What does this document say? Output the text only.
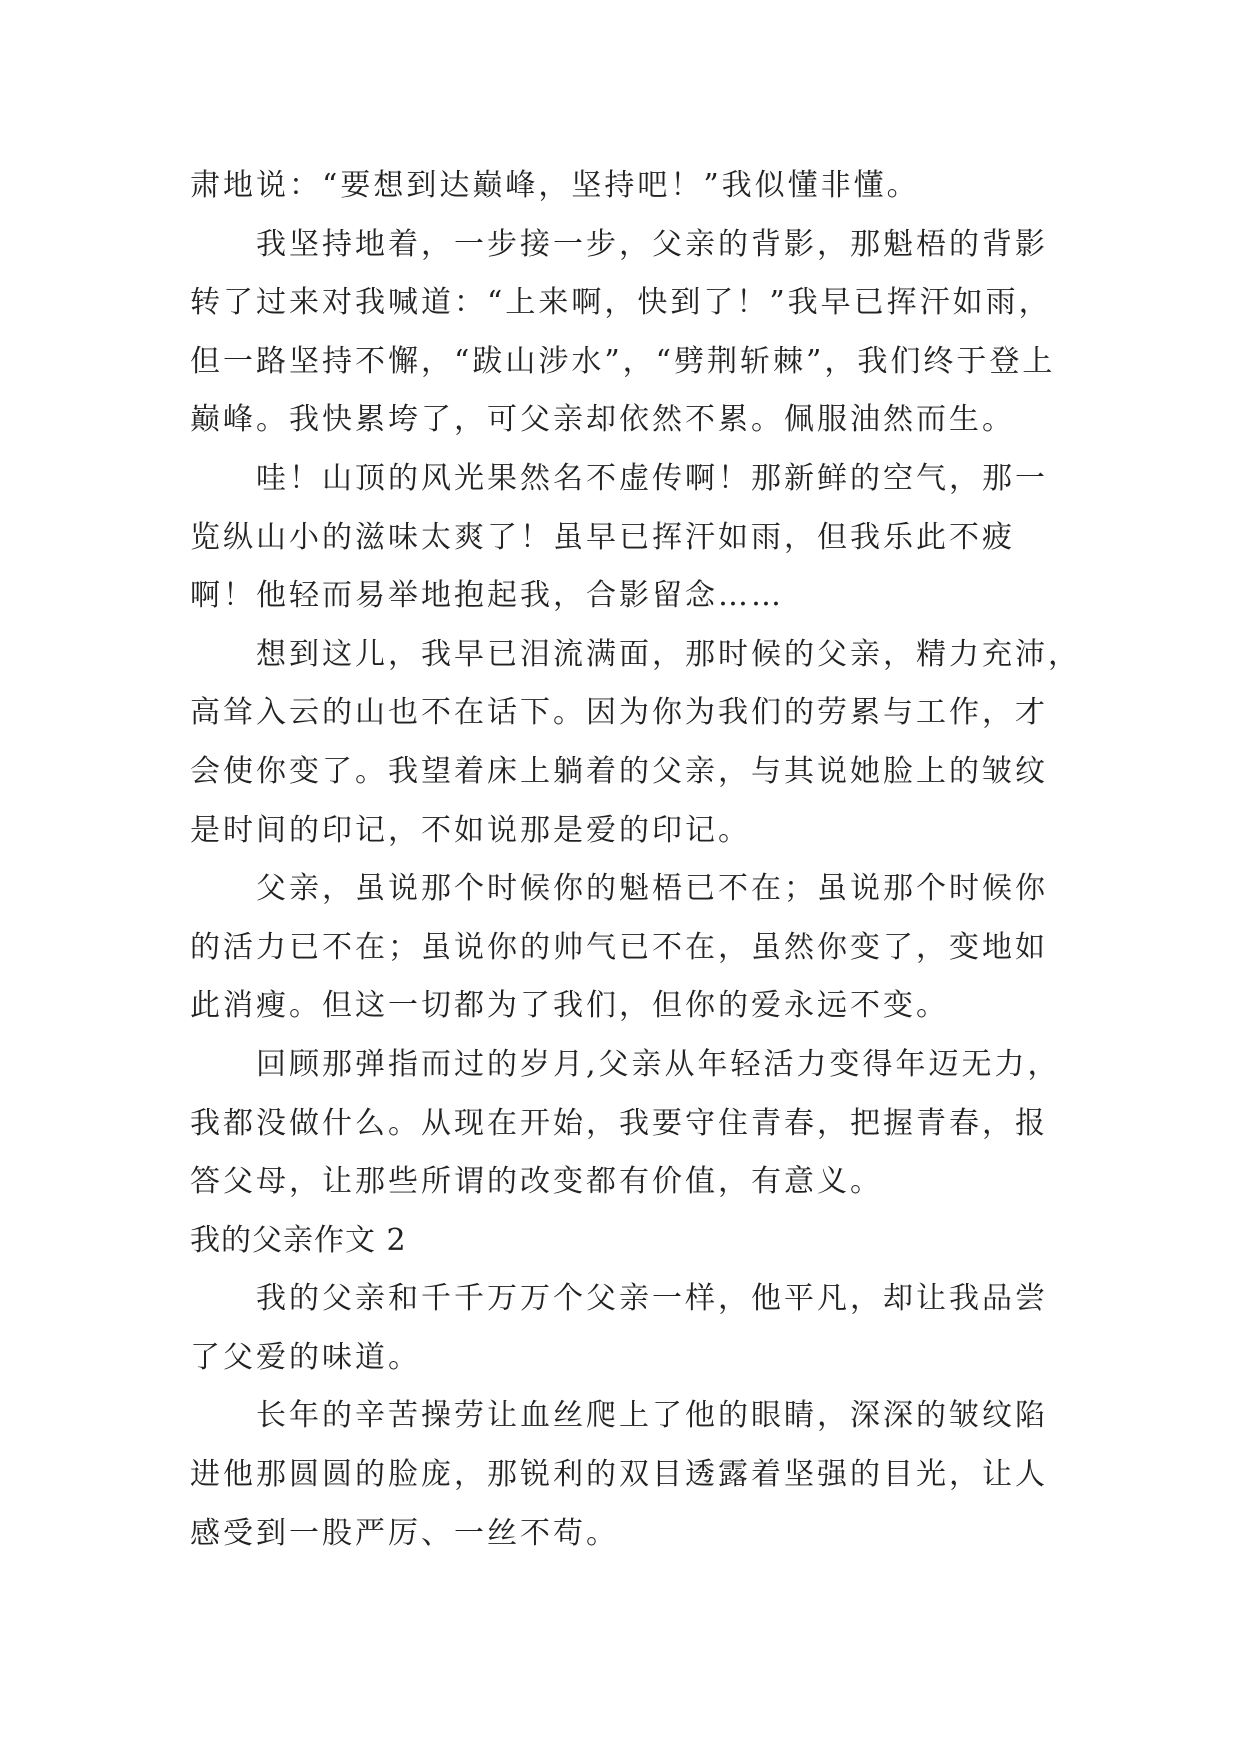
肃地说：“要想到达巅峰，坚持吧！”我似懂非懂。
我坚持地着，一步接一步，父亲的背影，那魁梧的背影
转了过来对我喊道：“上来啊，快到了！”我早已挥汗如雨，
但一路坚持不懈，“跋山涉水”，“劈荆斩棘”，我们终于登上
巅峰。我快累垮了，可父亲却依然不累。佩服油然而生。
哇！山顶的风光果然名不虚传啊！那新鲜的空气，那一
览纵山小的滋味太爽了！虽早已挥汗如雨，但我乐此不疲
啊！他轻而易举地抱起我，合影留念……
想到这儿，我早已泪流满面，那时候的父亲，精力充沛，
高耸入云的山也不在话下。因为你为我们的劳累与工作，才
会使你变了。我望着床上躺着的父亲，与其说她脸上的皱纹
是时间的印记，不如说那是爱的印记。
父亲，虽说那个时候你的魁梧已不在；虽说那个时候你
的活力已不在；虽说你的帅气已不在，虽然你变了，变地如
此消瘦。但这一切都为了我们，但你的爱永远不变。
回顾那弹指而过的岁月,父亲从年轻活力变得年迈无力，
我都没做什么。从现在开始，我要守住青春，把握青春，报
答父母，让那些所谓的改变都有价值，有意义。
我的父亲作文 2
我的父亲和千千万万个父亲一样，他平凡，却让我品尝
了父爱的味道。
长年的辛苦操劳让血丝爬上了他的眼睛，深深的皱纹陷
进他那圆圆的脸庞，那锐利的双目透露着坚强的目光，让人
感受到一股严厉、一丝不苟。
